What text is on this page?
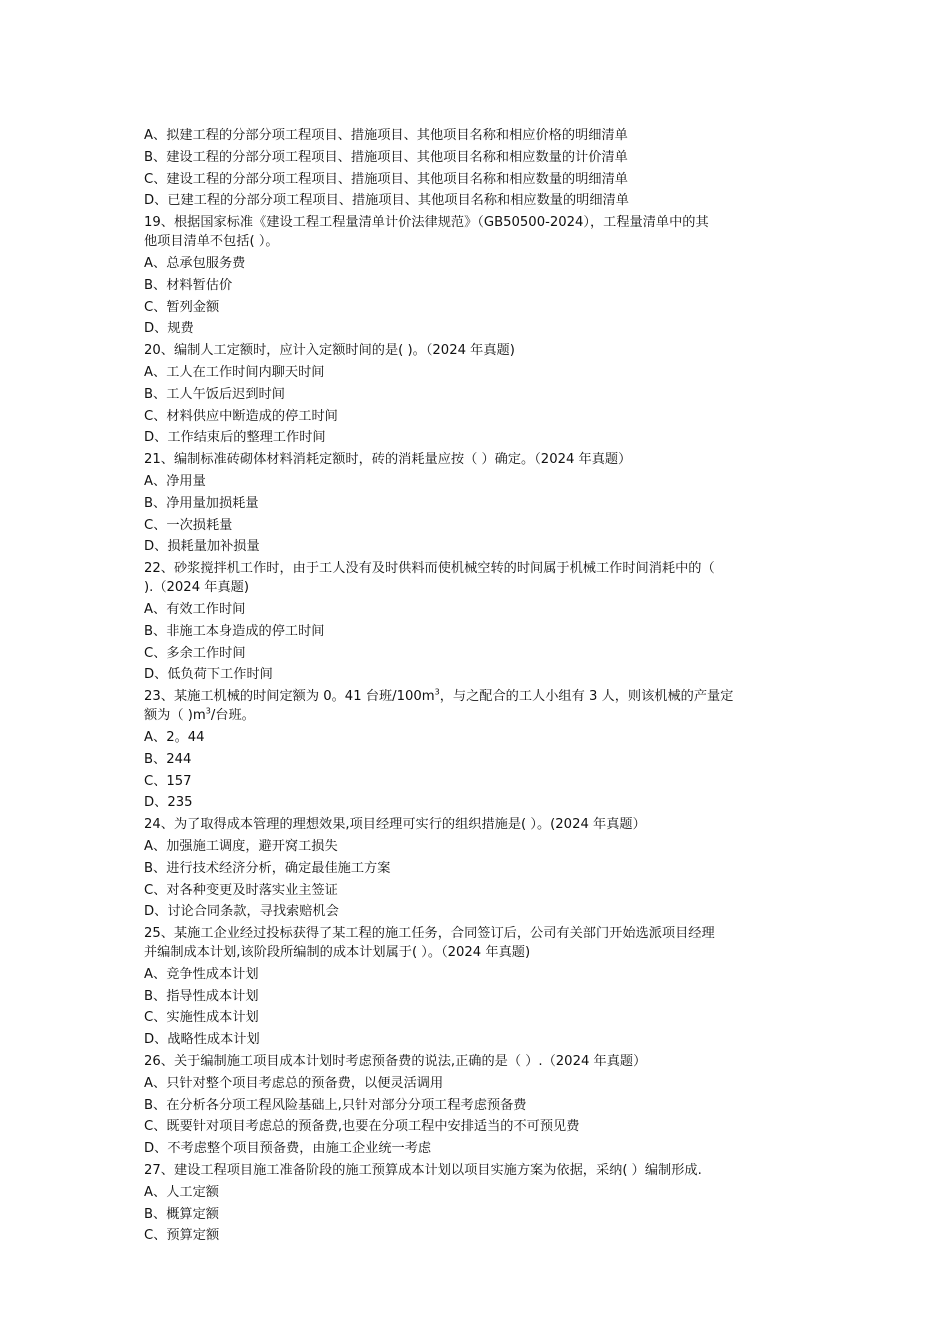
A、拟建工程的分部分项工程项目、措施项目、其他项目名称和相应价格的明细清单
B、建设工程的分部分项工程项目、措施项目、其他项目名称和相应数量的计价清单
C、建设工程的分部分项工程项目、措施项目、其他项目名称和相应数量的明细清单
D、已建工程的分部分项工程项目、措施项目、其他项目名称和相应数量的明细清单
19、根据国家标准《建设工程工程量清单计价法律规范》（GB50500-2024），工程量清单中的其
他项目清单不包括( ）。
A、总承包服务费
B、材料暂估价
C、暂列金额
D、规费
20、编制人工定额时，应计入定额时间的是( )。（2024 年真题)
A、工人在工作时间内聊天时间
B、工人午饭后迟到时间
C、材料供应中断造成的停工时间
D、工作结束后的整理工作时间
21、编制标准砖砌体材料消耗定额时，砖的消耗量应按（ ）确定。（2024 年真题）
A、净用量
B、净用量加损耗量
C、一次损耗量
D、损耗量加补损量
22、砂浆搅拌机工作时，由于工人没有及时供料而使机械空转的时间属于机械工作时间消耗中的（
).（2024 年真题)
A、有效工作时间
B、非施工本身造成的停工时间
C、多余工作时间
D、低负荷下工作时间
23、某施工机械的时间定额为 0。41 台班$/100m^3$，与之配合的工人小组有 3 人，则该机械的产量定
额为（ )$m^3/$台班。
A、2。44
B、244
C、157
D、235
24、为了取得成本管理的理想效果,项目经理可实行的组织措施是( ）。(2024 年真题）
A、加强施工调度，避开窝工损失
B、进行技术经济分析，确定最佳施工方案
C、对各种变更及时落实业主签证
D、讨论合同条款，寻找索赔机会
25、某施工企业经过投标获得了某工程的施工任务，合同签订后，公司有关部门开始选派项目经理
并编制成本计划,该阶段所编制的成本计划属于( ）。（2024 年真题)
A、竞争性成本计划
B、指导性成本计划
C、实施性成本计划
D、战略性成本计划
26、关于编制施工项目成本计划时考虑预备费的说法,正确的是（ ）.（2024 年真题）
A、只针对整个项目考虑总的预备费，以便灵活调用
B、在分析各分项工程风险基础上,只针对部分分项工程考虑预备费
C、既要针对项目考虑总的预备费,也要在分项工程中安排适当的不可预见费
D、不考虑整个项目预备费，由施工企业统一考虑
27、建设工程项目施工准备阶段的施工预算成本计划以项目实施方案为依据，采纳( ）编制形成.
A、人工定额
B、概算定额
C、预算定额
